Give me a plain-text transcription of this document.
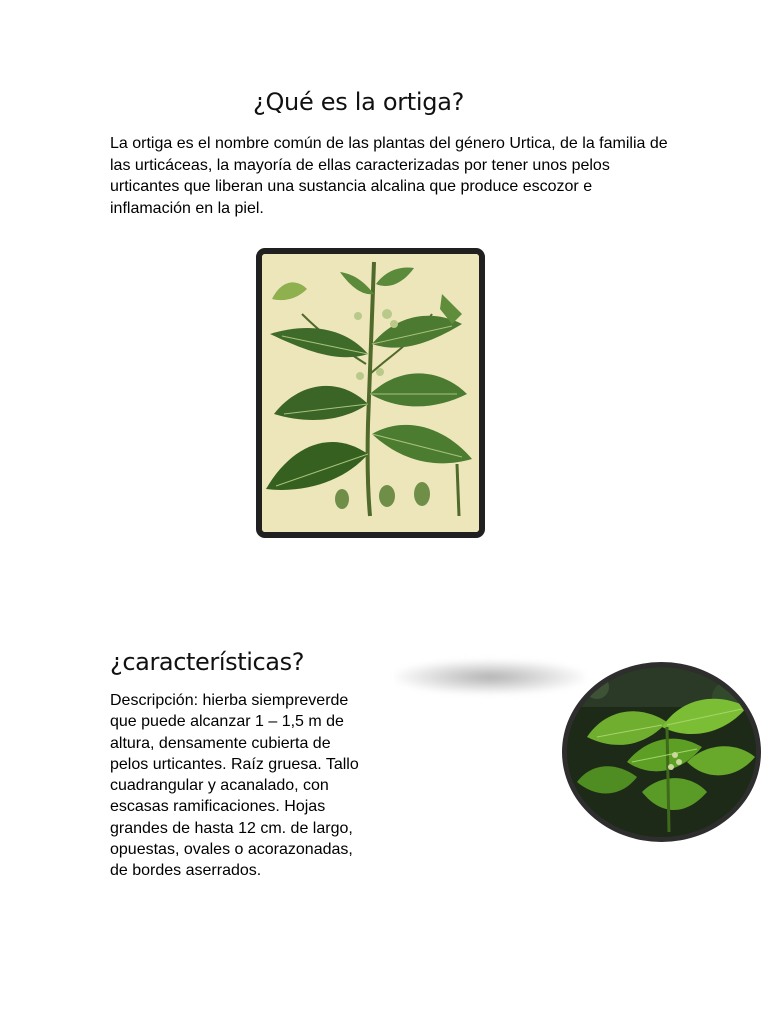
¿Qué es la ortiga?

La ortiga es el nombre común de las plantas del género Urtica, de la familia de las urticáceas, la mayoría de ellas caracterizadas por tener unos pelos urticantes que liberan una sustancia alcalina que produce escozor e inflamación en la piel.

¿características?

Descripción: hierba siempreverde que puede alcanzar 1 – 1,5 m de altura, densamente cubierta de pelos urticantes. Raíz gruesa. Tallo cuadrangular y acanalado, con escasas ramificaciones. Hojas grandes de hasta 12 cm. de largo, opuestas, ovales o acorazonadas, de bordes aserrados.
